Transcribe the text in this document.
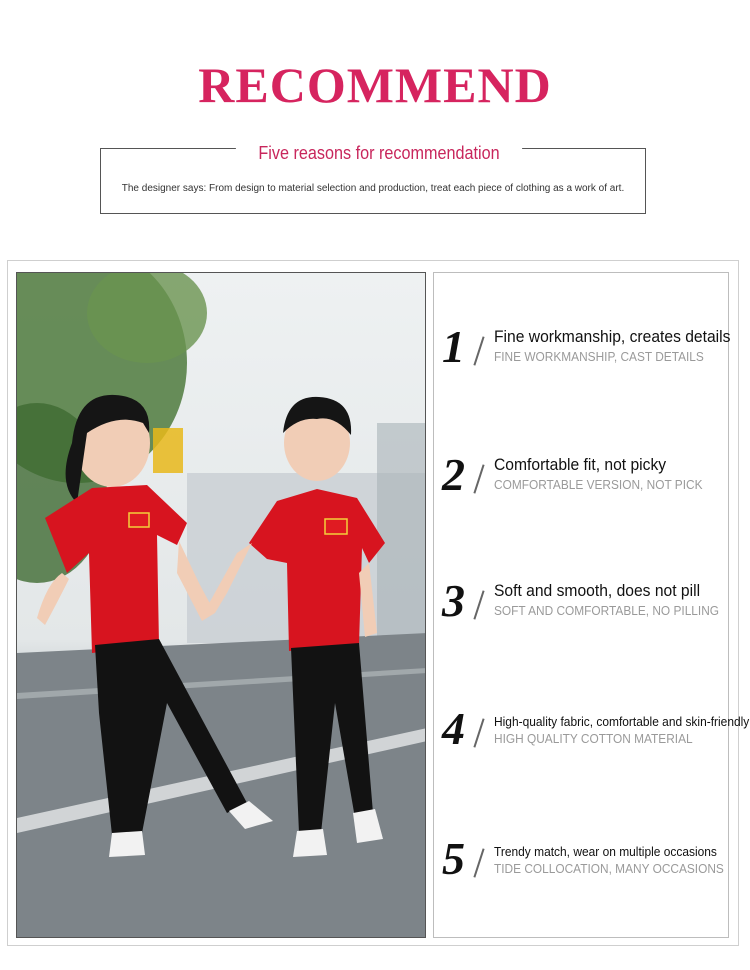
RECOMMEND
Five reasons for recommendation
The designer says: From design to material selection and production, treat each piece of clothing as a work of art.
1	Fine workmanship, creates details
FINE WORKMANSHIP, CAST DETAILS
2	Comfortable fit, not picky
COMFORTABLE VERSION, NOT PICK
3	Soft and smooth, does not pill
SOFT AND COMFORTABLE, NO PILLING
4	High-quality fabric, comfortable and skin-friendly
HIGH QUALITY COTTON MATERIAL
5	Trendy match, wear on multiple occasions
TIDE COLLOCATION, MANY OCCASIONS
